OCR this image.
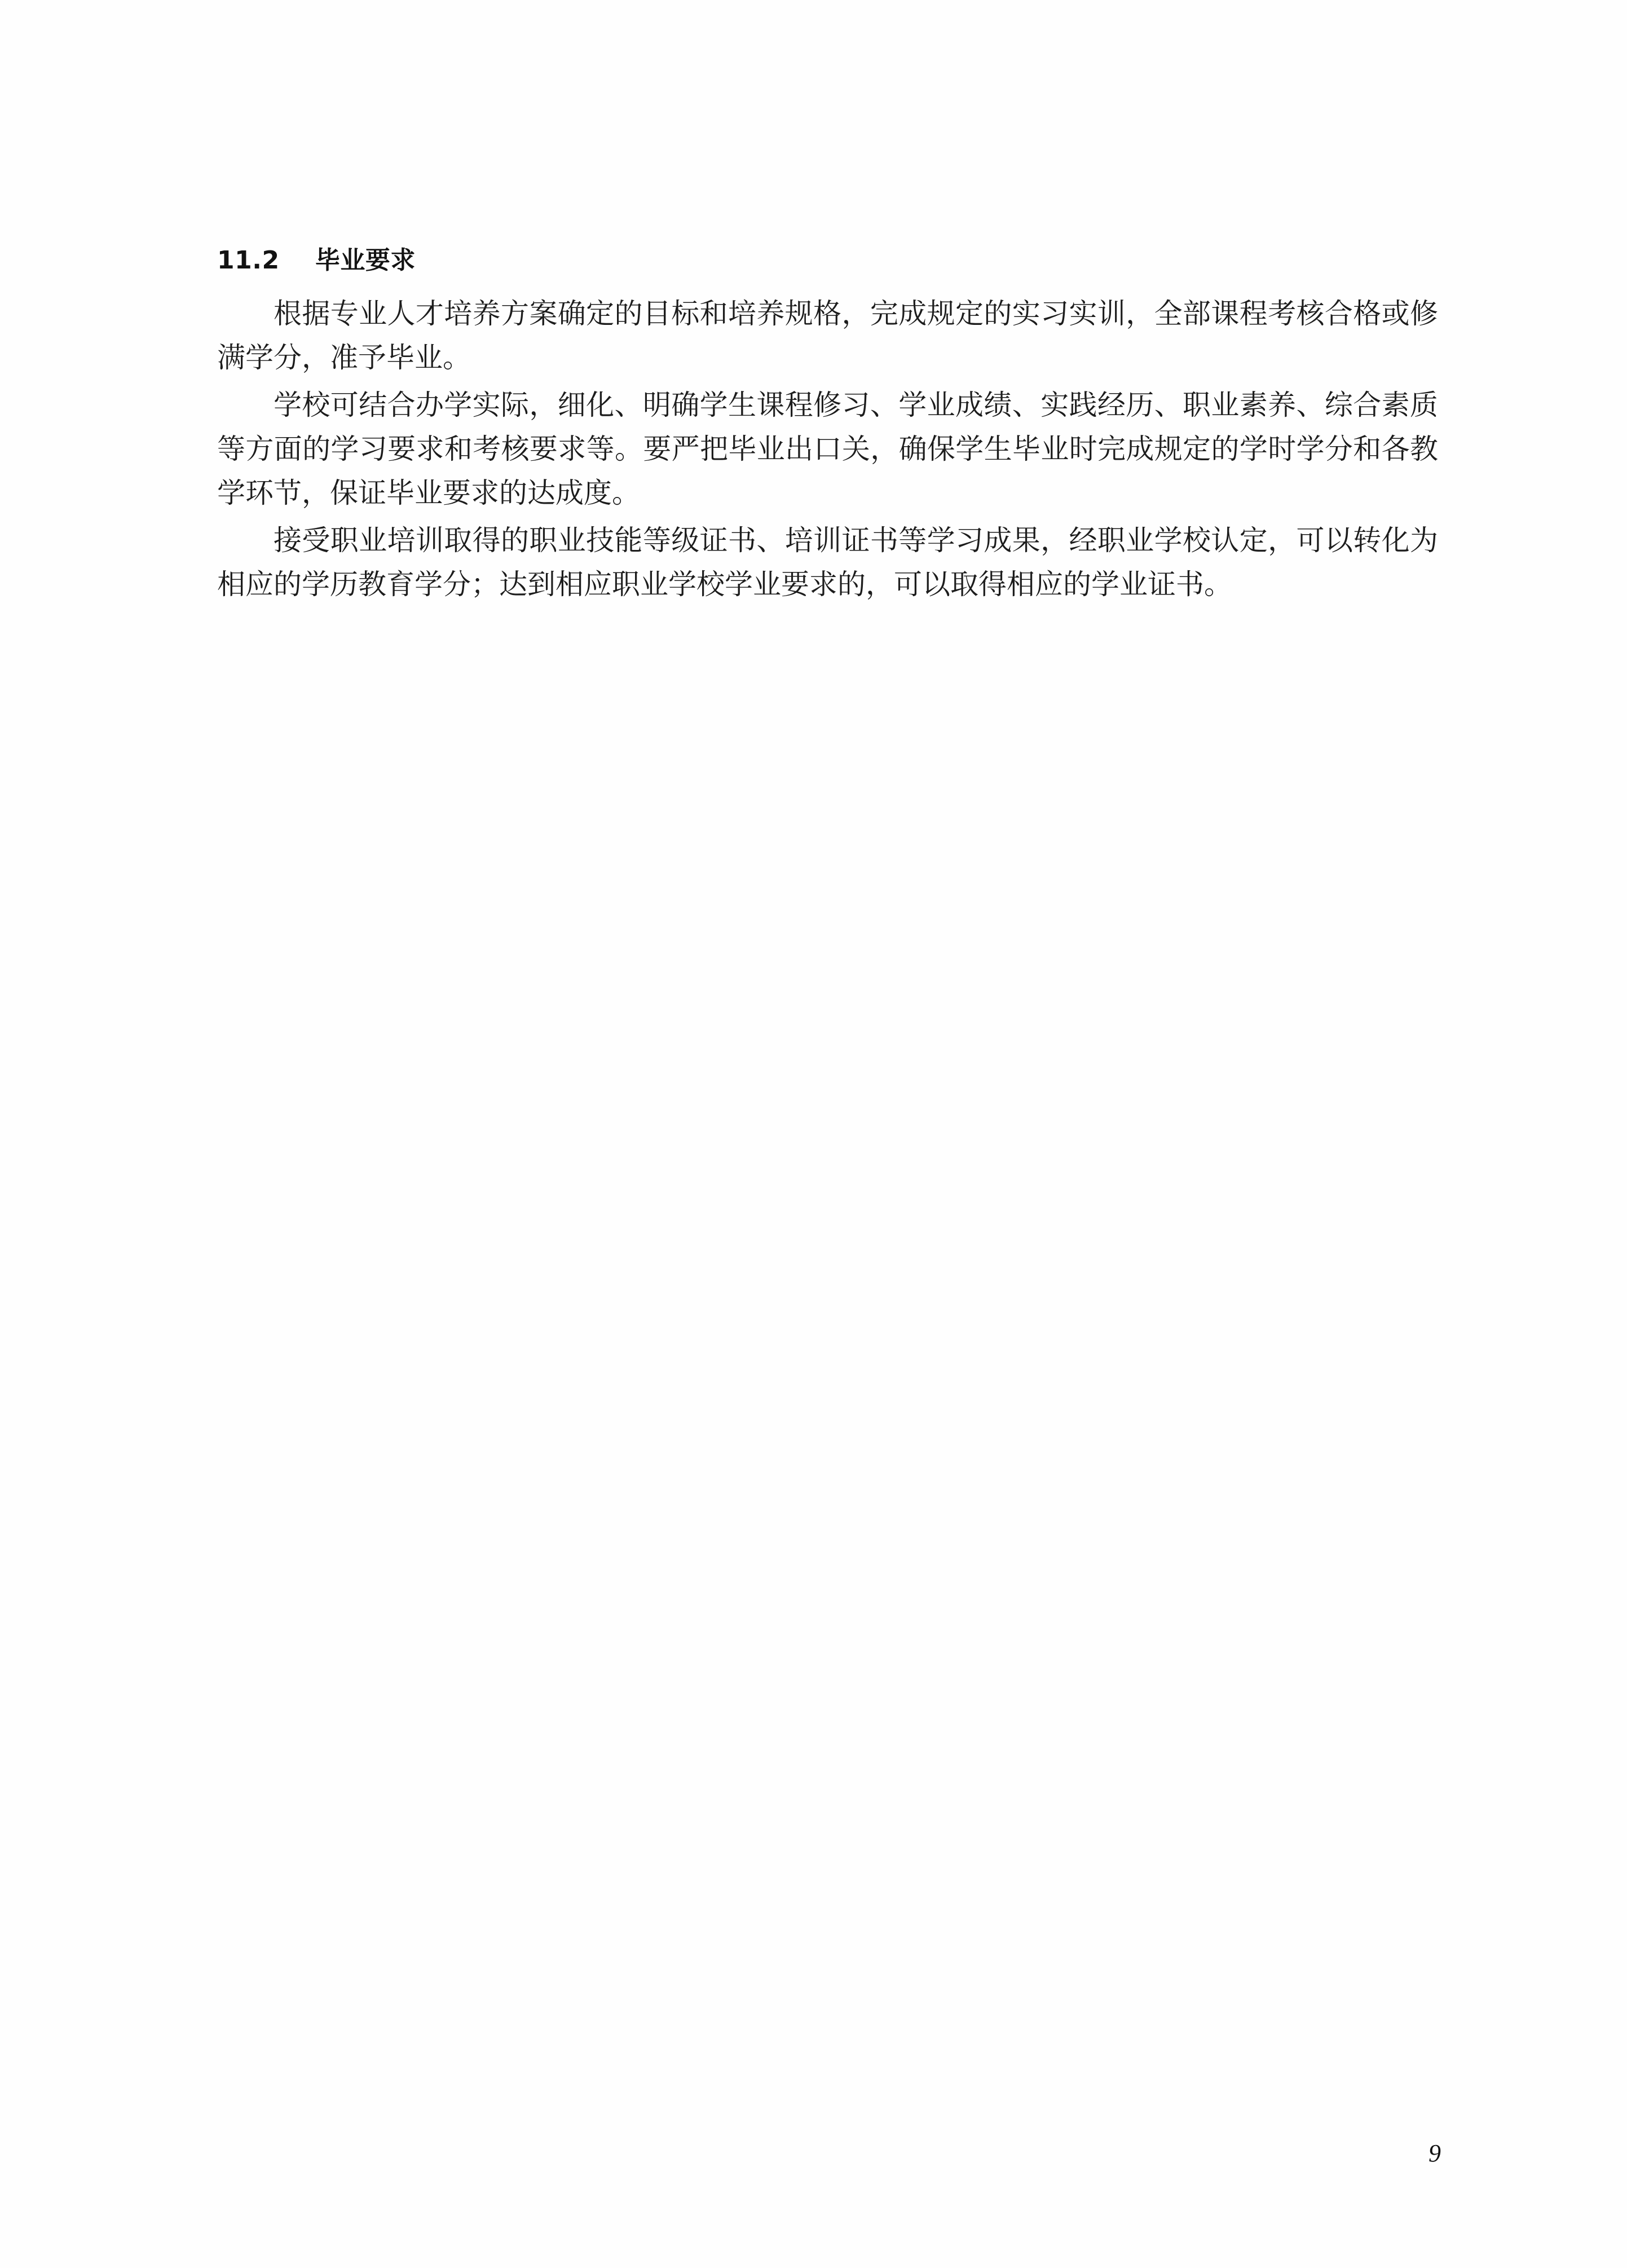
11.2    毕业要求

根据专业人才培养方案确定的目标和培养规格，完成规定的实习实训，全部课程考核合格或修满学分，准予毕业。

学校可结合办学实际，细化、明确学生课程修习、学业成绩、实践经历、职业素养、综合素质等方面的学习要求和考核要求等。要严把毕业出口关，确保学生毕业时完成规定的学时学分和各教学环节，保证毕业要求的达成度。

接受职业培训取得的职业技能等级证书、培训证书等学习成果，经职业学校认定，可以转化为相应的学历教育学分；达到相应职业学校学业要求的，可以取得相应的学业证书。

9
